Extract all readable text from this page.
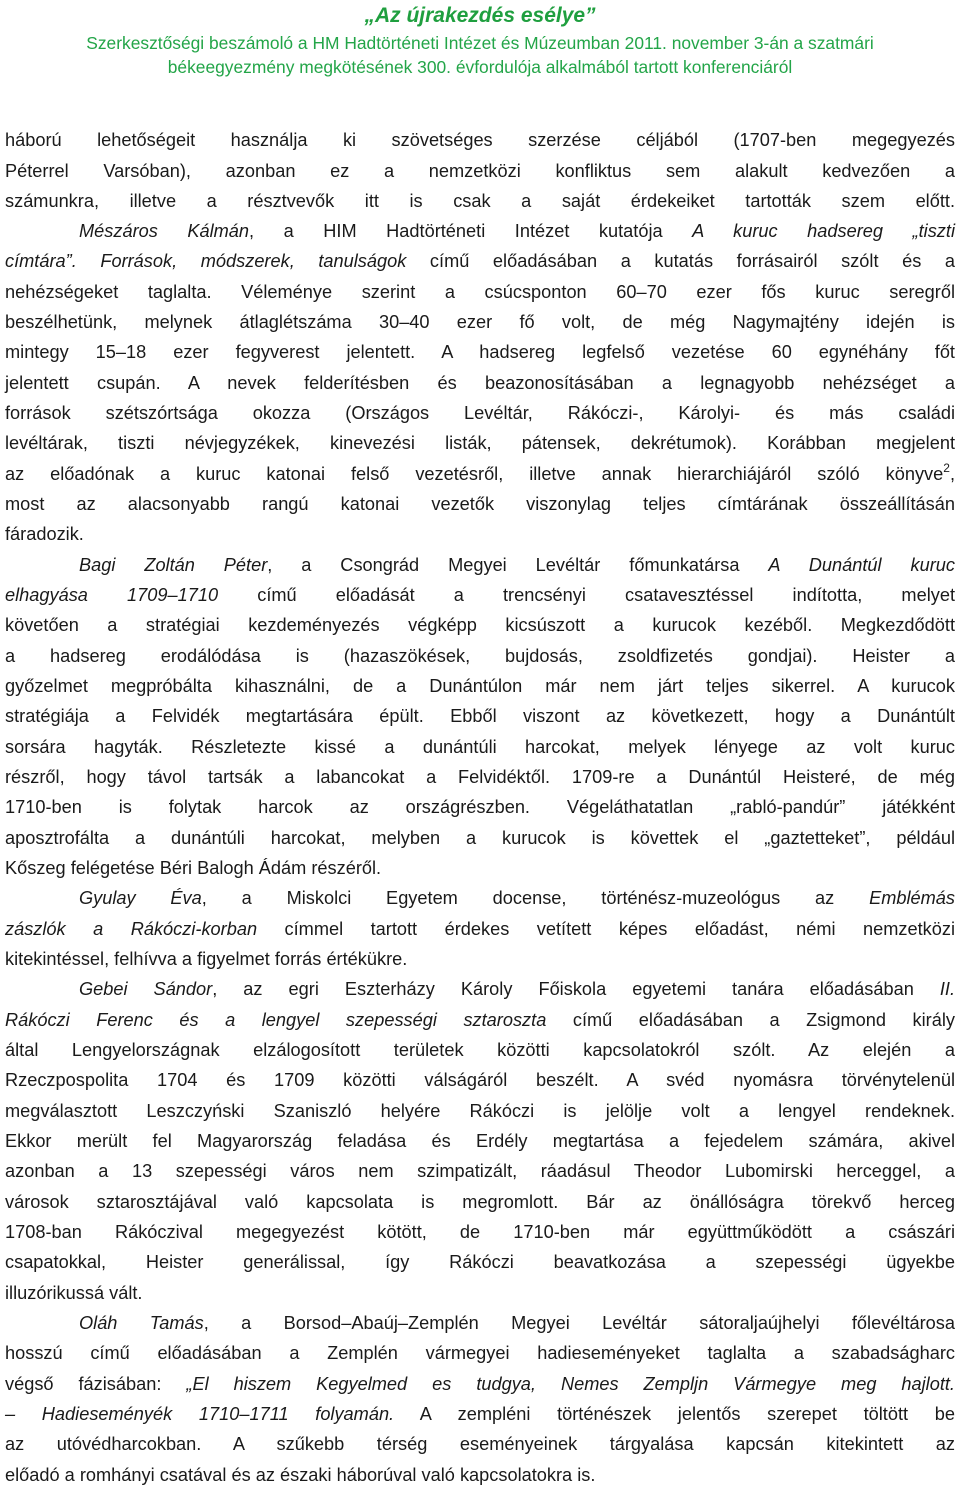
„Az újrakezdés esélye”
Szerkesztőségi beszámoló a HM Hadtörténeti Intézet és Múzeumban 2011. november 3-án a szatmári
békeegyezmény megkötésének 300. évfordulója alkalmából tartott konferenciáról
háború lehetőségeit használja ki szövetséges szerzése céljából (1707-ben megegyezés
Péterrel Varsóban), azonban ez a nemzetközi konfliktus sem alakult kedvezően a
számunkra, illetve a résztvevők itt is csak a saját érdekeiket tartották szem előtt.
Mészáros Kálmán, a HIM Hadtörténeti Intézet kutatója A kuruc hadsereg „tiszti
címtára”. Források, módszerek, tanulságok című előadásában a kutatás forrásairól szólt és a
nehézségeket taglalta. Véleménye szerint a csúcsponton 60–70 ezer fős kuruc seregről
beszélhetünk, melynek átlaglétszáma 30–40 ezer fő volt, de még Nagymajtény idején is
mintegy 15–18 ezer fegyverest jelentett. A hadsereg legfelső vezetése 60 egynéhány főt
jelentett csupán. A nevek felderítésben és beazonosításában a legnagyobb nehézséget a
források szétszórtsága okozza (Országos Levéltár, Rákóczi-, Károlyi- és más családi
levéltárak, tiszti névjegyzékek, kinevezési listák, pátensek, dekrétumok). Korábban megjelent
az előadónak a kuruc katonai felső vezetésről, illetve annak hierarchiájáról szóló könyve$^2$,
most az alacsonyabb rangú katonai vezetők viszonylag teljes címtárának összeállításán
fáradozik.
Bagi Zoltán Péter, a Csongrád Megyei Levéltár főmunkatársa A Dunántúl kuruc
elhagyása 1709–1710 című előadását a trencsényi csatavesztéssel indította, melyet
követően a stratégiai kezdeményezés végképp kicsúszott a kurucok kezéből. Megkezdődött
a hadsereg erodálódása is (hazaszökések, bujdosás, zsoldfizetés gondjai). Heister a
győzelmet megpróbálta kihasználni, de a Dunántúlon már nem járt teljes sikerrel. A kurucok
stratégiája a Felvidék megtartására épült. Ebből viszont az következett, hogy a Dunántúlt
sorsára hagyták. Részletezte kissé a dunántúli harcokat, melyek lényege az volt kuruc
részről, hogy távol tartsák a labancokat a Felvidéktől. 1709-re a Dunántúl Heisteré, de még
1710-ben is folytak harcok az országrészben. Végeláthatatlan „rabló-pandúr” játékként
aposztrofálta a dunántúli harcokat, melyben a kurucok is követtek el „gaztetteket”, például
Kőszeg felégetése Béri Balogh Ádám részéről.
Gyulay Éva, a Miskolci Egyetem docense, történész-muzeológus az Emblémás
zászlók a Rákóczi-korban címmel tartott érdekes vetített képes előadást, némi nemzetközi
kitekintéssel, felhívva a figyelmet forrás értékükre.
Gebei Sándor, az egri Eszterházy Károly Főiskola egyetemi tanára előadásában II.
Rákóczi Ferenc és a lengyel szepességi sztaroszta című előadásában a Zsigmond király
által Lengyelországnak elzálogosított területek közötti kapcsolatokról szólt. Az elején a
Rzeczpospolita 1704 és 1709 közötti válságáról beszélt. A svéd nyomásra törvénytelenül
megválasztott Leszczyński Szaniszló helyére Rákóczi is jelölje volt a lengyel rendeknek.
Ekkor merült fel Magyarország feladása és Erdély megtartása a fejedelem számára, akivel
azonban a 13 szepességi város nem szimpatizált, ráadásul Theodor Lubomirski herceggel, a
városok sztarosztájával való kapcsolata is megromlott. Bár az önállóságra törekvő herceg
1708-ban Rákóczival megegyezést kötött, de 1710-ben már együttműködött a császári
csapatokkal, Heister generálissal, így Rákóczi beavatkozása a szepességi ügyekbe
illuzórikussá vált.
Oláh Tamás, a Borsod–Abaúj–Zemplén Megyei Levéltár sátoraljaújhelyi főlevéltárosa
hosszú című előadásában a Zemplén vármegyei hadieseményeket taglalta a szabadságharc
végső fázisában: „El hiszem Kegyelmed es tudgya, Nemes Zempljn Vármegye meg hajlott.
– Hadieseményék 1710–1711 folyamán. A zempléni történészek jelentős szerepet töltött be
az utóvédharcokban. A szűkebb térség eseményeinek tárgyalása kapcsán kitekintett az
előadó a romhányi csatával és az északi háborúval való kapcsolatokra is.
